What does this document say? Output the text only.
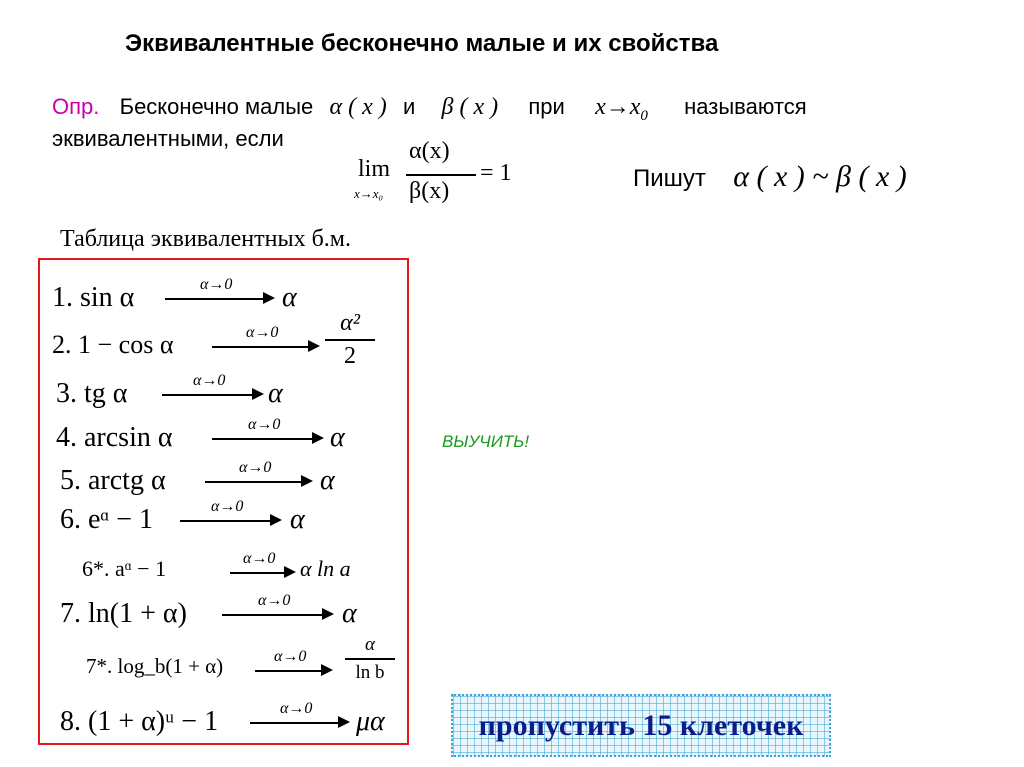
Эквивалентные бесконечно малые и их свойства
Опр. Бесконечно малые α ( x ) и β ( x ) при $x\to x_0$ называются
эквивалентными, если
lim
x→x₀
α(x)
β(x)
= 1	Пишут α ( x ) ~ β ( x )
Таблица эквивалентных б.м.
ВЫУЧИТЬ!
пропустить 15 клеточек
1. sin α	α→0 α
2. 1 − cos α	α→0	α²
2
3. tg α	α→0 α
4. arcsin α	α→0 α
5. arctg α	α→0 α
6. eᵅ − 1	α→0 α
6*. aᵅ − 1	α→0 α ln a
7. ln(1 + α)	α→0 α
7*. log_b(1 + α)	α→0
α
ln b
8. (1 + α)ᵘ − 1	α→0 μα
